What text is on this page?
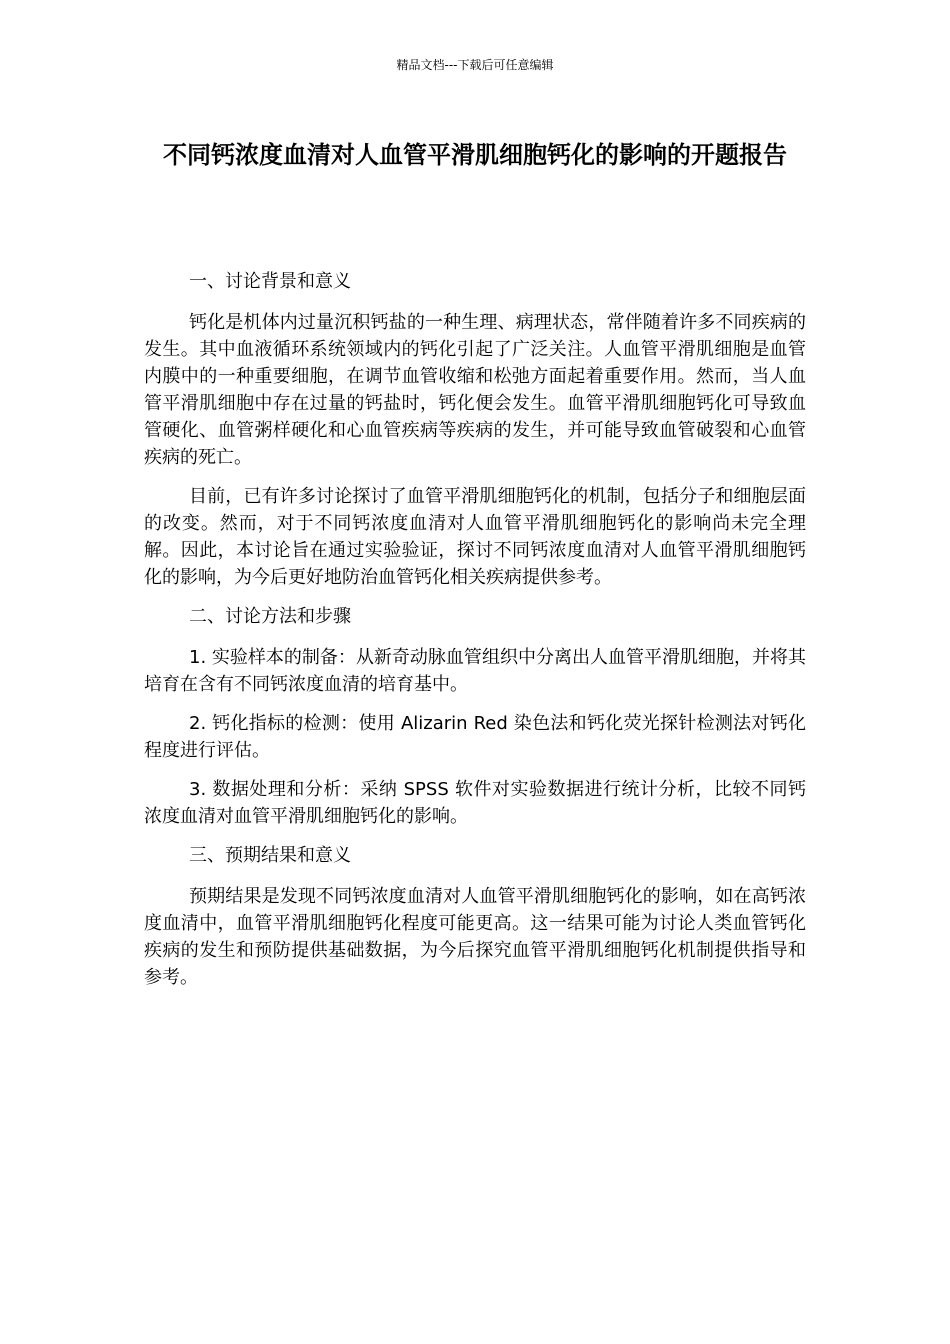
精品文档---下载后可任意编辑
不同钙浓度血清对人血管平滑肌细胞钙化的影响的开题报告

一、讨论背景和意义

钙化是机体内过量沉积钙盐的一种生理、病理状态，常伴随着许多不同疾病的发生。其中血液循环系统领域内的钙化引起了广泛关注。人血管平滑肌细胞是血管内膜中的一种重要细胞，在调节血管收缩和松弛方面起着重要作用。然而，当人血管平滑肌细胞中存在过量的钙盐时，钙化便会发生。血管平滑肌细胞钙化可导致血管硬化、血管粥样硬化和心血管疾病等疾病的发生，并可能导致血管破裂和心血管疾病的死亡。

目前，已有许多讨论探讨了血管平滑肌细胞钙化的机制，包括分子和细胞层面的改变。然而，对于不同钙浓度血清对人血管平滑肌细胞钙化的影响尚未完全理解。因此，本讨论旨在通过实验验证，探讨不同钙浓度血清对人血管平滑肌细胞钙化的影响，为今后更好地防治血管钙化相关疾病提供参考。

二、讨论方法和步骤

1. 实验样本的制备：从新奇动脉血管组织中分离出人血管平滑肌细胞，并将其培育在含有不同钙浓度血清的培育基中。

2. 钙化指标的检测：使用 Alizarin Red 染色法和钙化荧光探针检测法对钙化程度进行评估。

3. 数据处理和分析：采纳 SPSS 软件对实验数据进行统计分析，比较不同钙浓度血清对血管平滑肌细胞钙化的影响。

三、预期结果和意义

预期结果是发现不同钙浓度血清对人血管平滑肌细胞钙化的影响，如在高钙浓度血清中，血管平滑肌细胞钙化程度可能更高。这一结果可能为讨论人类血管钙化疾病的发生和预防提供基础数据，为今后探究血管平滑肌细胞钙化机制提供指导和参考。
